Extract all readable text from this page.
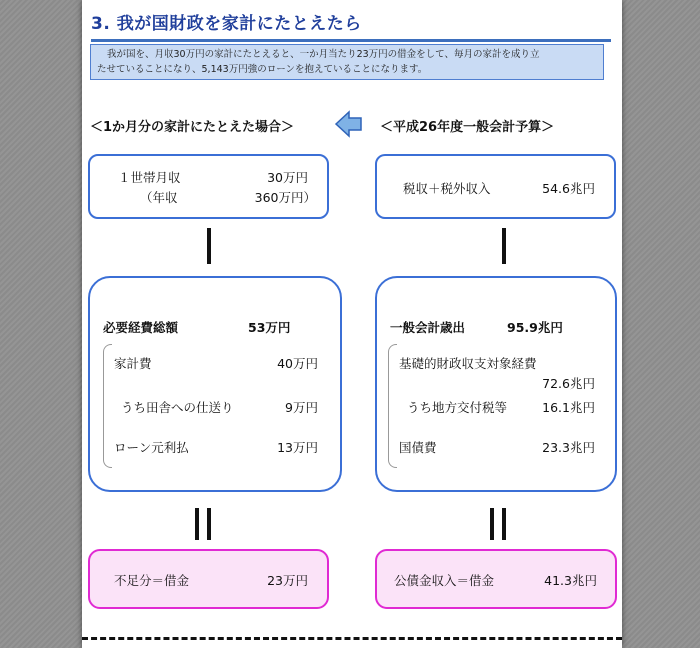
3. 我が国財政を家計にたとえたら
我が国を、月収30万円の家計にたとえると、一か月当たり23万円の借金をして、毎月の家計を成り立
たせていることになり、5,143万円強のローンを抱えていることになります。
＜1か月分の家計にたとえた場合＞	＜平成26年度一般会計予算＞
１世帯月収	30万円
（年収	360万円）
税収＋税外収入	54.6兆円
必要経費総額	53万円
家計費	40万円
うち田舎への仕送り	9万円
ローン元利払	13万円
一般会計歳出	95.9兆円
基礎的財政収支対象経費
72.6兆円
うち地方交付税等	16.1兆円
国債費	23.3兆円
不足分＝借金	23万円	公債金収入＝借金	41.3兆円
